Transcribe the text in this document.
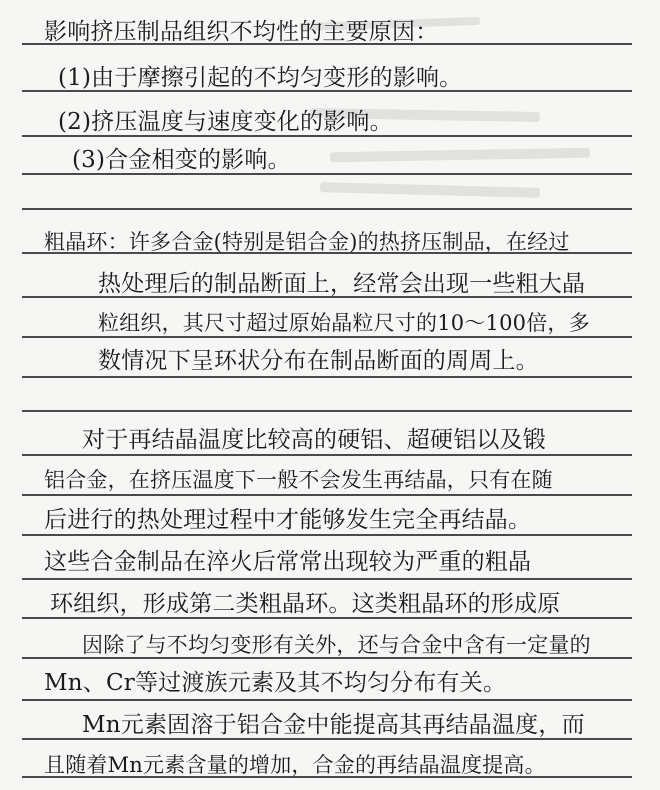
影响挤压制品组织不均性的主要原因：
(1)由于摩擦引起的不均匀变形的影响。
(2)挤压温度与速度变化的影响。
(3)合金相变的影响。
粗晶环：许多合金(特别是铝合金)的热挤压制品，在经过
热处理后的制品断面上，经常会出现一些粗大晶
粒组织，其尺寸超过原始晶粒尺寸的10～100倍，多
数情况下呈环状分布在制品断面的周周上。
对于再结晶温度比较高的硬铝、超硬铝以及锻
铝合金，在挤压温度下一般不会发生再结晶，只有在随
后进行的热处理过程中才能够发生完全再结晶。
这些合金制品在淬火后常常出现较为严重的粗晶
环组织，形成第二类粗晶环。这类粗晶环的形成原
因除了与不均匀变形有关外，还与合金中含有一定量的
Mn、Cr等过渡族元素及其不均匀分布有关。
Mn元素固溶于铝合金中能提高其再结晶温度，而
且随着Mn元素含量的增加，合金的再结晶温度提高。
